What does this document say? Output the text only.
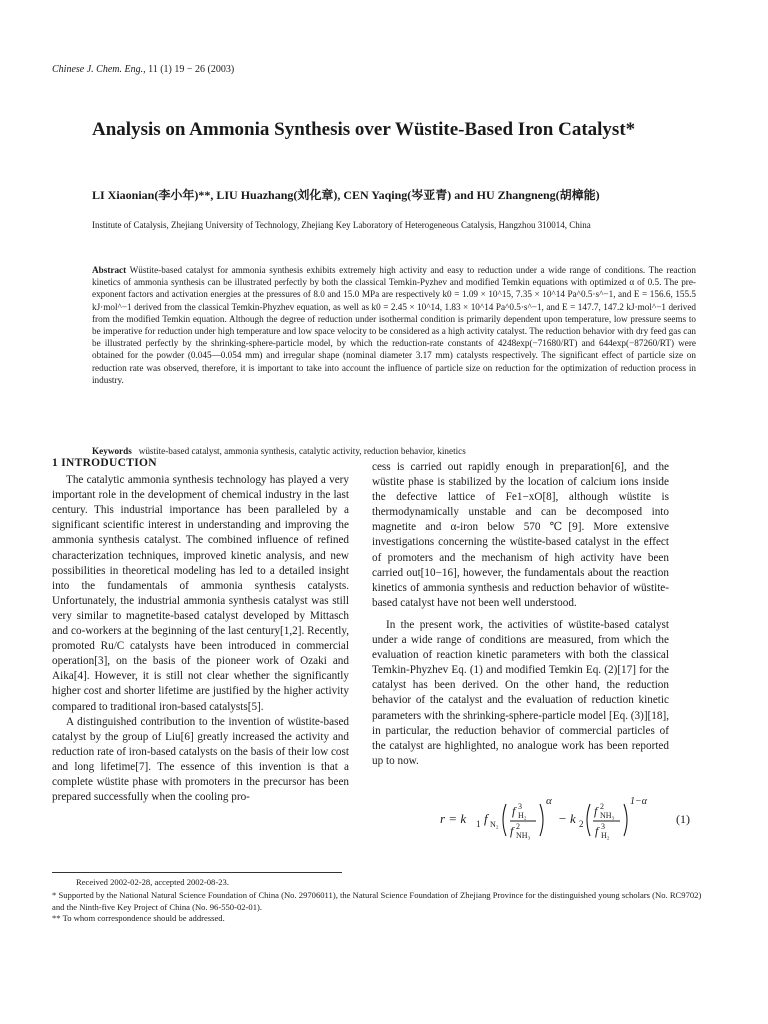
Chinese J. Chem. Eng., 11 (1) 19 − 26 (2003)
Analysis on Ammonia Synthesis over Wüstite-Based Iron Catalyst*
LI Xiaonian(李小年)**, LIU Huazhang(刘化章), CEN Yaqing(岑亚青) and HU Zhangneng(胡樟能)
Institute of Catalysis, Zhejiang University of Technology, Zhejiang Key Laboratory of Heterogeneous Catalysis, Hangzhou 310014, China
Abstract Wüstite-based catalyst for ammonia synthesis exhibits extremely high activity and easy to reduction under a wide range of conditions. The reaction kinetics of ammonia synthesis can be illustrated perfectly by both the classical Temkin-Pyzhev and modified Temkin equations with optimized α of 0.5. The pre-exponent factors and activation energies at the pressures of 8.0 and 15.0 MPa are respectively k0 = 1.09 × 10^15, 7.35 × 10^14 Pa^0.5·s^−1, and E = 156.6, 155.5 kJ·mol^−1 derived from the classical Temkin-Phyzhev equation, as well as k0 = 2.45 × 10^14, 1.83 × 10^14 Pa^0.5·s^−1, and E = 147.7, 147.2 kJ·mol^−1 derived from the modified Temkin equation. Although the degree of reduction under isothermal condition is primarily dependent upon temperature, low pressure seems to be imperative for reduction under high temperature and low space velocity to be considered as a high activity catalyst. The reduction behavior with dry feed gas can be illustrated perfectly by the shrinking-sphere-particle model, by which the reduction-rate constants of 4248exp(−71680/RT) and 644exp(−87260/RT) were obtained for the powder (0.045—0.054 mm) and irregular shape (nominal diameter 3.17 mm) catalysts respectively. The significant effect of particle size on reduction rate was observed, therefore, it is important to take into account the influence of particle size on reduction for the optimization of reduction process in industry.
Keywords wüstite-based catalyst, ammonia synthesis, catalytic activity, reduction behavior, kinetics
1 INTRODUCTION

The catalytic ammonia synthesis technology has played a very important role in the development of chemical industry in the last century. This industrial importance has been paralleled by a significant scientific interest in understanding and improving the ammonia synthesis catalyst. The combined influence of refined characterization techniques, improved kinetic analysis, and new possibilities in theoretical modeling has led to a detailed insight into the fundamentals of ammonia synthesis catalysts. Unfortunately, the industrial ammonia synthesis catalyst was still very similar to magnetite-based catalyst developed by Mittasch and co-workers at the beginning of the last century[1,2]. Recently, promoted Ru/C catalysts have been introduced in commercial operation[3], on the basis of the pioneer work of Ozaki and Aika[4]. However, it is still not clear whether the significantly higher cost and shorter lifetime are justified by the higher activity compared to traditional iron-based catalysts[5].

A distinguished contribution to the invention of wüstite-based catalyst by the group of Liu[6] greatly increased the activity and reduction rate of iron-based catalysts on the basis of their low cost and long lifetime[7]. The essence of this invention is that a complete wüstite phase with promoters in the precursor has been prepared successfully when the cooling pro-

cess is carried out rapidly enough in preparation[6], and the wüstite phase is stabilized by the location of calcium ions inside the defective lattice of Fe1−xO[8], although wüstite is thermodynamically unstable and can be decomposed into magnetite and α-iron below 570 ℃[9]. More extensive investigations concerning the wüstite-based catalyst in the effect of promoters and the mechanism of high activity have been carried out[10−16], however, the fundamentals about the reaction kinetics of ammonia synthesis and reduction behavior of wüstite-based catalyst have not been well understood.

In the present work, the activities of wüstite-based catalyst under a wide range of conditions are measured, from which the evaluation of reaction kinetic parameters with both the classical Temkin-Phyzhev Eq. (1) and modified Temkin Eq. (2)[17] for the catalyst has been derived. On the other hand, the reduction behavior of the catalyst and the evaluation of reduction kinetic parameters with the shrinking-sphere-particle model [Eq. (3)][18], in particular, the reduction behavior of commercial particles of the catalyst are highlighted, no analogue work has been reported up to now.

r = k 1 f N₂
f H₂
3
f NH₃
2
α
− k 2
f NH₃
2
f H₂
3
1−α
(1)
Received 2002-02-28, accepted 2002-08-23.
* Supported by the National Natural Science Foundation of China (No. 29706011), the Natural Science Foundation of Zhejiang Province for the distinguished young scholars (No. RC9702) and the Ninth-five Key Project of China (No. 96-550-02-01).
** To whom correspondence should be addressed.
